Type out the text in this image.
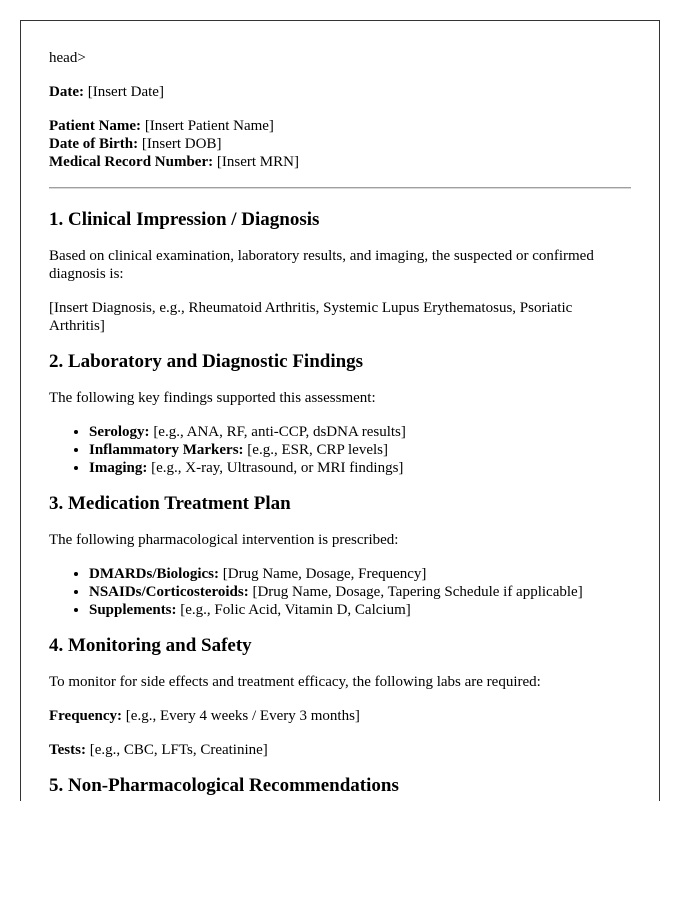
head>

Date: [Insert Date]

Patient Name: [Insert Patient Name]

Date of Birth: [Insert DOB]

Medical Record Number: [Insert MRN]

1. Clinical Impression / Diagnosis

Based on clinical examination, laboratory results, and imaging, the suspected or confirmed diagnosis is:

[Insert Diagnosis, e.g., Rheumatoid Arthritis, Systemic Lupus Erythematosus, Psoriatic Arthritis]

2. Laboratory and Diagnostic Findings

The following key findings supported this assessment:

• Serology: [e.g., ANA, RF, anti-CCP, dsDNA results]
• Inflammatory Markers: [e.g., ESR, CRP levels]
• Imaging: [e.g., X-ray, Ultrasound, or MRI findings]
3. Medication Treatment Plan

The following pharmacological intervention is prescribed:

• DMARDs/Biologics: [Drug Name, Dosage, Frequency]
• NSAIDs/Corticosteroids: [Drug Name, Dosage, Tapering Schedule if applicable]
• Supplements: [e.g., Folic Acid, Vitamin D, Calcium]
4. Monitoring and Safety

To monitor for side effects and treatment efficacy, the following labs are required:

Frequency: [e.g., Every 4 weeks / Every 3 months]

Tests: [e.g., CBC, LFTs, Creatinine]

5. Non-Pharmacological Recommendations
